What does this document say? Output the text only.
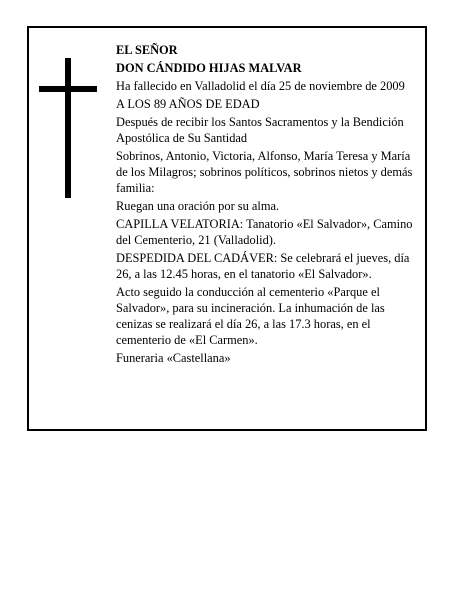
EL SEÑOR

DON CÁNDIDO HIJAS MALVAR

Ha fallecido en Valladolid el día 25 de noviembre de 2009

A LOS 89 AÑOS DE EDAD

Después de recibir los Santos Sacramentos y la Bendición Apostólica de Su Santidad

Sobrinos, Antonio, Victoria, Alfonso, María Teresa y María de los Milagros; sobrinos políticos, sobrinos nietos y demás familia:

Ruegan una oración por su alma.

CAPILLA VELATORIA: Tanatorio «El Salvador», Camino del Cementerio, 21 (Valladolid).

DESPEDIDA DEL CADÁVER: Se celebrará el jueves, día 26, a las 12.45 horas, en el tanatorio «El Salvador».

Acto seguido la conducción al cementerio «Parque el Salvador», para su incineración. La inhumación de las cenizas se realizará el día 26, a las 17.3 horas, en el cementerio de «El Carmen».

Funeraria «Castellana»
